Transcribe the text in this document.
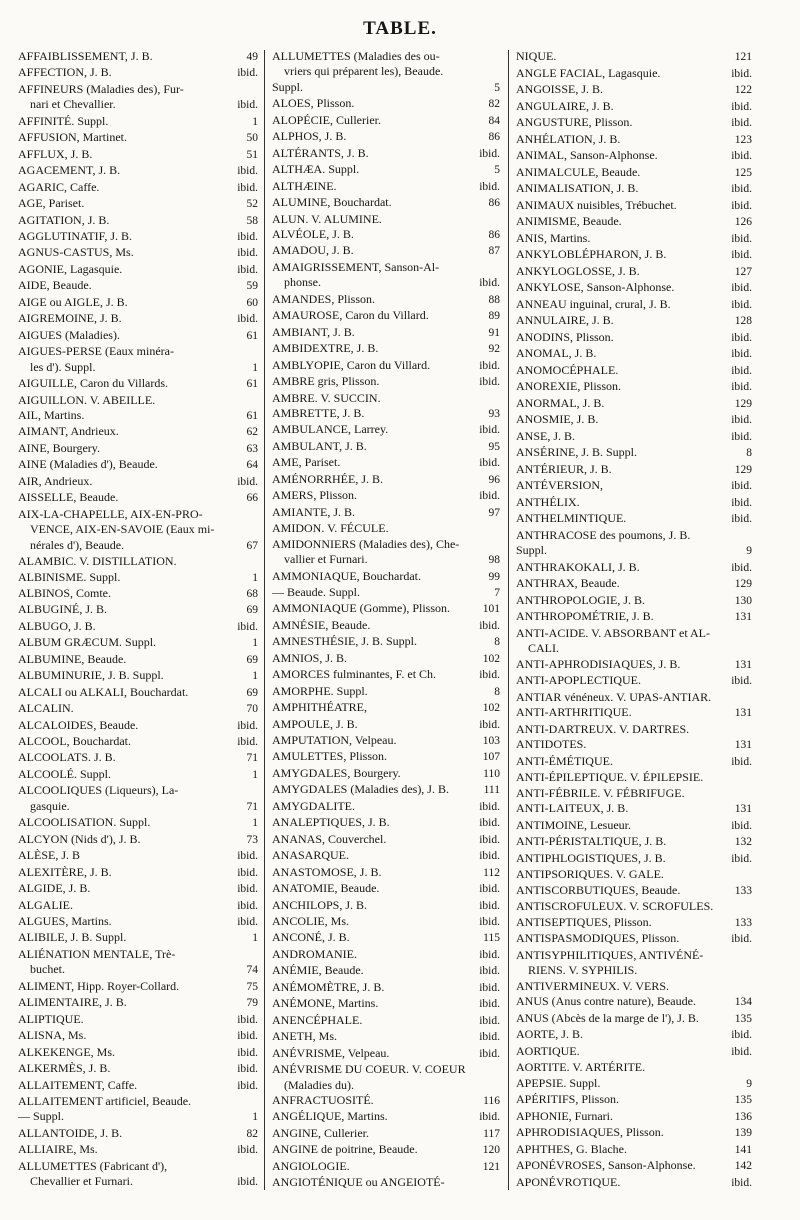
TABLE.
AFFAIBLISSEMENT, J. B.	49
AFFECTION, J. B.	ibid.
AFFINEURS (Maladies des), Fur-
nari et Chevallier.	ibid.
AFFINITÉ. Suppl.	1
AFFUSION, Martinet.	50
AFFLUX, J. B.	51
AGACEMENT, J. B.	ibid.
AGARIC, Caffe.	ibid.
AGE, Pariset.	52
AGITATION, J. B.	58
AGGLUTINATIF, J. B.	ibid.
AGNUS-CASTUS, Ms.	ibid.
AGONIE, Lagasquie.	ibid.
AIDE, Beaude.	59
AIGE ou AIGLE, J. B.	60
AIGREMOINE, J. B.	ibid.
AIGUES (Maladies).	61
AIGUES-PERSE (Eaux minéra-
les d'). Suppl.	1
AIGUILLE, Caron du Villards.	61
AIGUILLON. V. ABEILLE.
AIL, Martins.	61
AIMANT, Andrieux.	62
AINE, Bourgery.	63
AINE (Maladies d'), Beaude.	64
AIR, Andrieux.	ibid.
AISSELLE, Beaude.	66
AIX-LA-CHAPELLE, AIX-EN-PRO-
VENCE, AIX-EN-SAVOIE (Eaux mi-
nérales d'), Beaude.	67
ALAMBIC. V. DISTILLATION.
ALBINISME. Suppl.	1
ALBINOS, Comte.	68
ALBUGINÉ, J. B.	69
ALBUGO, J. B.	ibid.
ALBUM GRÆCUM. Suppl.	1
ALBUMINE, Beaude.	69
ALBUMINURIE, J. B. Suppl.	1
ALCALI ou ALKALI, Bouchardat.	69
ALCALIN.	70
ALCALOIDES, Beaude.	ibid.
ALCOOL, Bouchardat.	ibid.
ALCOOLATS. J. B.	71
ALCOOLÉ. Suppl.	1
ALCOOLIQUES (Liqueurs), La-
gasquie.	71
ALCOOLISATION. Suppl.	1
ALCYON (Nids d'), J. B.	73
ALÈSE, J. B	ibid.
ALEXITÈRE, J. B.	ibid.
ALGIDE, J. B.	ibid.
ALGALIE.	ibid.
ALGUES, Martins.	ibid.
ALIBILE, J. B. Suppl.	1
ALIÉNATION MENTALE, Trè-
buchet.	74
ALIMENT, Hipp. Royer-Collard.	75
ALIMENTAIRE, J. B.	79
ALIPTIQUE.	ibid.
ALISNA, Ms.	ibid.
ALKEKENGE, Ms.	ibid.
ALKERMÈS, J. B.	ibid.
ALLAITEMENT, Caffe.	ibid.
ALLAITEMENT artificiel, Beaude.
— Suppl.	1
ALLANTOIDE, J. B.	82
ALLIAIRE, Ms.	ibid.
ALLUMETTES (Fabricant d'),
Chevallier et Furnari.	ibid.
ALLUMETTES (Maladies des ou-
vriers qui préparent les), Beaude.
Suppl.	5
ALOES, Plisson.	82
ALOPÉCIE, Cullerier.	84
ALPHOS, J. B.	86
ALTÉRANTS, J. B.	ibid.
ALTHÆA. Suppl.	5
ALTHÆINE.	ibid.
ALUMINE, Bouchardat.	86
ALUN. V. ALUMINE.
ALVÉOLE, J. B.	86
AMADOU, J. B.	87
AMAIGRISSEMENT, Sanson-Al-
phonse.	ibid.
AMANDES, Plisson.	88
AMAUROSE, Caron du Villard.	89
AMBIANT, J. B.	91
AMBIDEXTRE, J. B.	92
AMBLYOPIE, Caron du Villard.	ibid.
AMBRE gris, Plisson.	ibid.
AMBRE. V. SUCCIN.
AMBRETTE, J. B.	93
AMBULANCE, Larrey.	ibid.
AMBULANT, J. B.	95
AME, Pariset.	ibid.
AMÉNORRHÉE, J. B.	96
AMERS, Plisson.	ibid.
AMIANTE, J. B.	97
AMIDON. V. FÉCULE.
AMIDONNIERS (Maladies des), Che-
vallier et Furnari.	98
AMMONIAQUE, Bouchardat.	99
— Beaude. Suppl.	7
AMMONIAQUE (Gomme), Plisson.	101
AMNÉSIE, Beaude.	ibid.
AMNESTHÉSIE, J. B. Suppl.	8
AMNIOS, J. B.	102
AMORCES fulminantes, F. et Ch.	ibid.
AMORPHE. Suppl.	8
AMPHITHÉATRE,	102
AMPOULE, J. B.	ibid.
AMPUTATION, Velpeau.	103
AMULETTES, Plisson.	107
AMYGDALES, Bourgery.	110
AMYGDALES (Maladies des), J. B.	111
AMYGDALITE.	ibid.
ANALEPTIQUES, J. B.	ibid.
ANANAS, Couverchel.	ibid.
ANASARQUE.	ibid.
ANASTOMOSE, J. B.	112
ANATOMIE, Beaude.	ibid.
ANCHILOPS, J. B.	ibid.
ANCOLIE, Ms.	ibid.
ANCONÉ, J. B.	115
ANDROMANIE.	ibid.
ANÉMIE, Beaude.	ibid.
ANÉMOMÈTRE, J. B.	ibid.
ANÉMONE, Martins.	ibid.
ANENCÉPHALE.	ibid.
ANETH, Ms.	ibid.
ANÉVRISME, Velpeau.	ibid.
ANÉVRISME DU COEUR. V. COEUR
(Maladies du).
ANFRACTUOSITÉ.	116
ANGÉLIQUE, Martins.	ibid.
ANGINE, Cullerier.	117
ANGINE de poitrine, Beaude.	120
ANGIOLOGIE.	121
ANGIOTÉNIQUE ou ANGEIOTÉ-
NIQUE.	121
ANGLE FACIAL, Lagasquie.	ibid.
ANGOISSE, J. B.	122
ANGULAIRE, J. B.	ibid.
ANGUSTURE, Plisson.	ibid.
ANHÉLATION, J. B.	123
ANIMAL, Sanson-Alphonse.	ibid.
ANIMALCULE, Beaude.	125
ANIMALISATION, J. B.	ibid.
ANIMAUX nuisibles, Trébuchet.	ibid.
ANIMISME, Beaude.	126
ANIS, Martins.	ibid.
ANKYLOBLÉPHARON, J. B.	ibid.
ANKYLOGLOSSE, J. B.	127
ANKYLOSE, Sanson-Alphonse.	ibid.
ANNEAU inguinal, crural, J. B.	ibid.
ANNULAIRE, J. B.	128
ANODINS, Plisson.	ibid.
ANOMAL, J. B.	ibid.
ANOMOCÉPHALE.	ibid.
ANOREXIE, Plisson.	ibid.
ANORMAL, J. B.	129
ANOSMIE, J. B.	ibid.
ANSE, J. B.	ibid.
ANSÉRINE, J. B. Suppl.	8
ANTÉRIEUR, J. B.	129
ANTÉVERSION,	ibid.
ANTHÉLIX.	ibid.
ANTHELMINTIQUE.	ibid.
ANTHRACOSE des poumons, J. B.
Suppl.	9
ANTHRAKOKALI, J. B.	ibid.
ANTHRAX, Beaude.	129
ANTHROPOLOGIE, J. B.	130
ANTHROPOMÉTRIE, J. B.	131
ANTI-ACIDE. V. ABSORBANT et AL-
CALI.
ANTI-APHRODISIAQUES, J. B.	131
ANTI-APOPLECTIQUE.	ibid.
ANTIAR vénéneux. V. UPAS-ANTIAR.
ANTI-ARTHRITIQUE.	131
ANTI-DARTREUX. V. DARTRES.
ANTIDOTES.	131
ANTI-ÉMÉTIQUE.	ibid.
ANTI-ÉPILEPTIQUE. V. ÉPILEPSIE.
ANTI-FÉBRILE. V. FÉBRIFUGE.
ANTI-LAITEUX, J. B.	131
ANTIMOINE, Lesueur.	ibid.
ANTI-PÉRISTALTIQUE, J. B.	132
ANTIPHLOGISTIQUES, J. B.	ibid.
ANTIPSORIQUES. V. GALE.
ANTISCORBUTIQUES, Beaude.	133
ANTISCROFULEUX. V. SCROFULES.
ANTISEPTIQUES, Plisson.	133
ANTISPASMODIQUES, Plisson.	ibid.
ANTISYPHILITIQUES, ANTIVÉNÉ-
RIENS. V. SYPHILIS.
ANTIVERMINEUX. V. VERS.
ANUS (Anus contre nature), Beaude.	134
ANUS (Abcès de la marge de l'), J. B.	135
AORTE, J. B.	ibid.
AORTIQUE.	ibid.
AORTITE. V. ARTÉRITE.
APEPSIE. Suppl.	9
APÉRITIFS, Plisson.	135
APHONIE, Furnari.	136
APHRODISIAQUES, Plisson.	139
APHTHES, G. Blache.	141
APONÉVROSES, Sanson-Alphonse.	142
APONÉVROTIQUE.	ibid.
